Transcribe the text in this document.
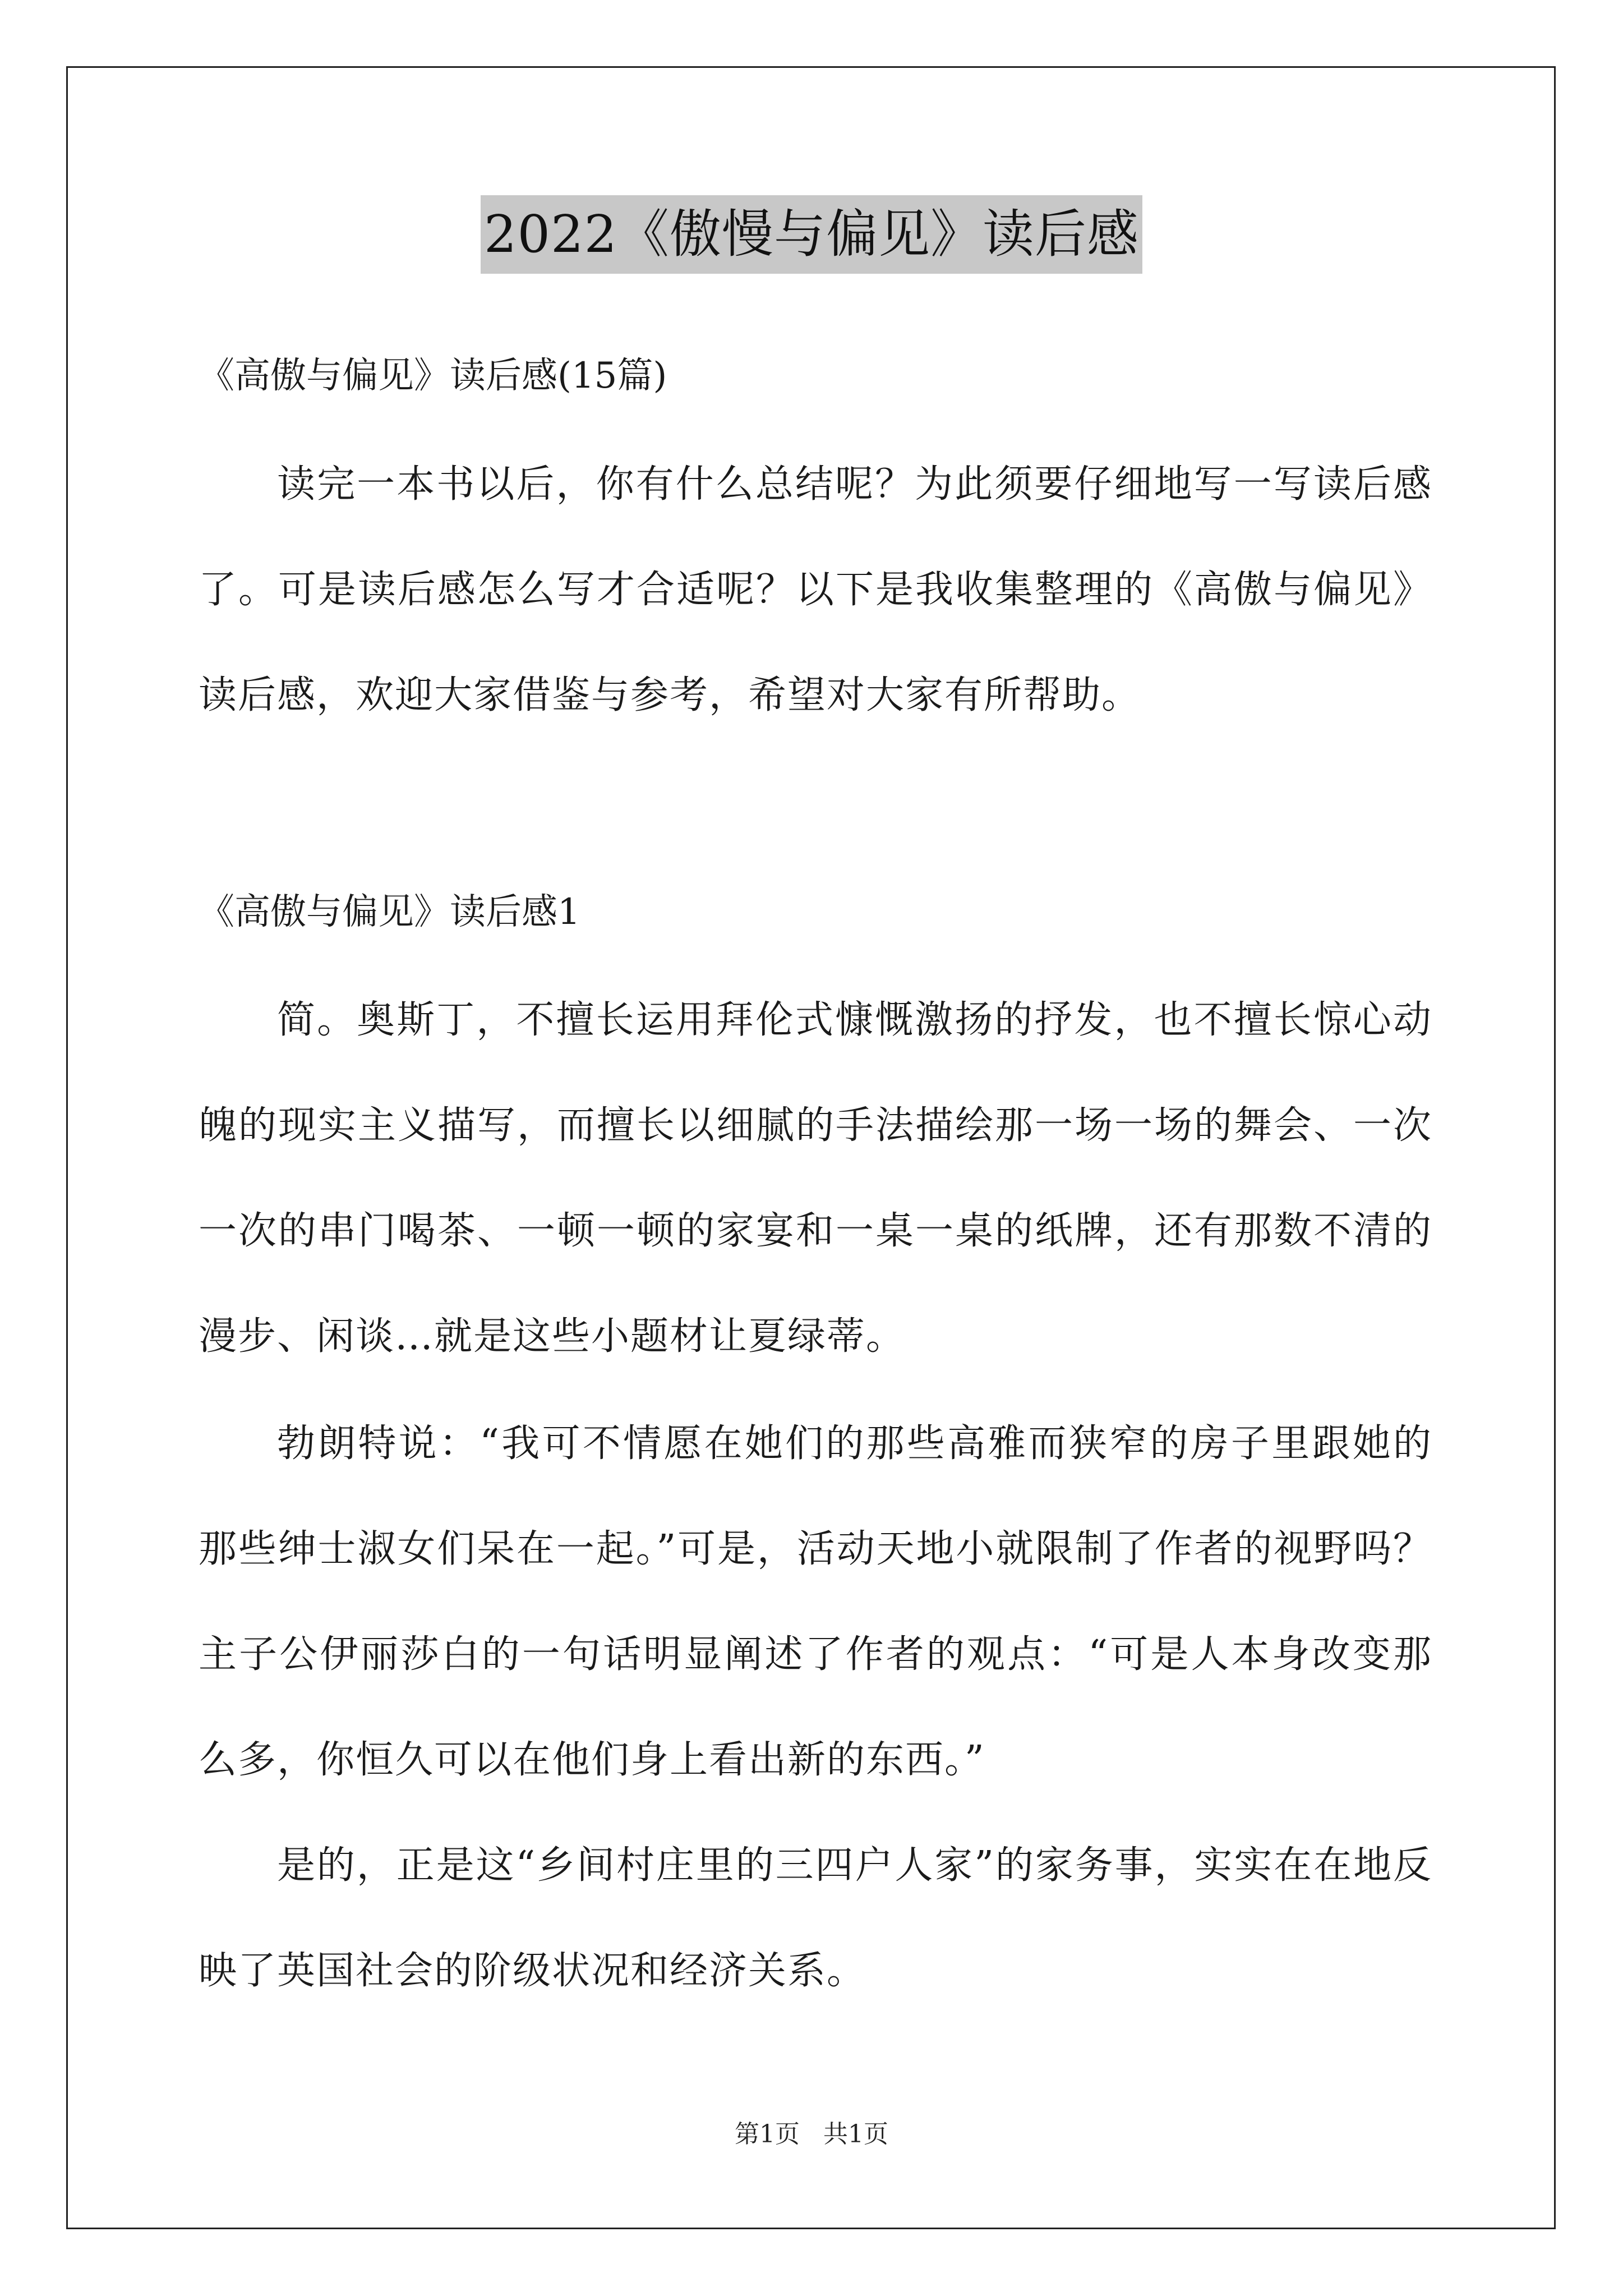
2022《傲慢与偏见》读后感
《高傲与偏见》读后感(15篇)

读完一本书以后，你有什么总结呢？为此须要仔细地写一写读后感了。可是读后感怎么写才合适呢？以下是我收集整理的《高傲与偏见》读后感，欢迎大家借鉴与参考，希望对大家有所帮助。

《高傲与偏见》读后感1

简。奥斯丁，不擅长运用拜伦式慷慨激扬的抒发，也不擅长惊心动魄的现实主义描写，而擅长以细腻的手法描绘那一场一场的舞会、一次一次的串门喝茶、一顿一顿的家宴和一桌一桌的纸牌，还有那数不清的漫步、闲谈…就是这些小题材让夏绿蒂。

勃朗特说：“我可不情愿在她们的那些高雅而狭窄的房子里跟她的那些绅士淑女们呆在一起。”可是，活动天地小就限制了作者的视野吗？主子公伊丽莎白的一句话明显阐述了作者的观点：“可是人本身改变那么多，你恒久可以在他们身上看出新的东西。”

是的，正是这“乡间村庄里的三四户人家”的家务事，实实在在地反映了英国社会的阶级状况和经济关系。

第1页 共1页
